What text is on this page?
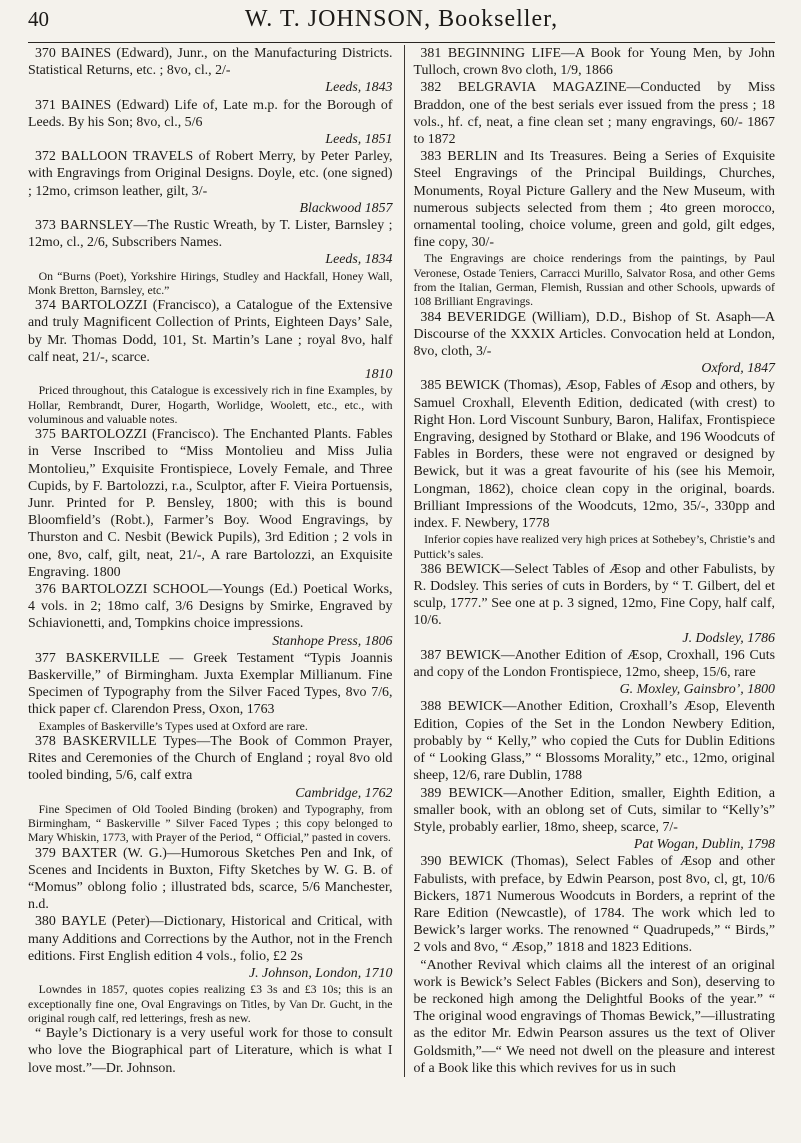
40	W. T. JOHNSON, Bookseller,

370 BAINES (Edward), Junr., on the Manufacturing Districts. Statistical Returns, etc. ; 8vo, cl., 2/-
Leeds, 1843

371 BAINES (Edward) Life of, Late m.p. for the Borough of Leeds. By his Son; 8vo, cl., 5/6
Leeds, 1851

372 BALLOON TRAVELS of Robert Merry, by Peter Parley, with Engravings from Original Designs. Doyle, etc. (one signed) ; 12mo, crimson leather, gilt, 3/-
Blackwood 1857

373 BARNSLEY—The Rustic Wreath, by T. Lister, Barnsley ; 12mo, cl., 2/6, Subscribers Names.
Leeds, 1834

On “Burns (Poet), Yorkshire Hirings, Studley and Hackfall, Honey Wall, Monk Bretton, Barnsley, etc.”

374 BARTOLOZZI (Francisco), a Catalogue of the Extensive and truly Magnificent Collection of Prints, Eighteen Days’ Sale, by Mr. Thomas Dodd, 101, St. Martin’s Lane ; royal 8vo, half calf neat, 21/-, scarce.
1810

Priced throughout, this Catalogue is excessively rich in fine Examples, by Hollar, Rembrandt, Durer, Hogarth, Worlidge, Woolett, etc., etc., with voluminous and valuable notes.

375 BARTOLOZZI (Francisco). The Enchanted Plants. Fables in Verse Inscribed to “Miss Montolieu and Miss Julia Montolieu,” Exquisite Frontispiece, Lovely Female, and Three Cupids, by F. Bartolozzi, r.a., Sculptor, after F. Vieira Portuensis, Junr. Printed for P. Bensley, 1800; with this is bound Bloomfield’s (Robt.), Farmer’s Boy. Wood Engravings, by Thurston and C. Nesbit (Bewick Pupils), 3rd Edition ; 2 vols in one, 8vo, calf, gilt, neat, 21/-, A rare Bartolozzi, an Exquisite Engraving. 1800

376 BARTOLOZZI SCHOOL—Youngs (Ed.) Poetical Works, 4 vols. in 2; 18mo calf, 3/6 Designs by Smirke, Engraved by Schiavionetti, and, Tompkins choice impressions.
Stanhope Press, 1806

377 BASKERVILLE — Greek Testament “Typis Joannis Baskerville,” of Birmingham. Juxta Exemplar Millianum. Fine Specimen of Typography from the Silver Faced Types, 8vo 7/6, thick paper cf. Clarendon Press, Oxon, 1763

Examples of Baskerville’s Types used at Oxford are rare.

378 BASKERVILLE Types—The Book of Common Prayer, Rites and Ceremonies of the Church of England ; royal 8vo old tooled binding, 5/6, calf extra
Cambridge, 1762

Fine Specimen of Old Tooled Binding (broken) and Typography, from Birmingham, “ Baskerville ” Silver Faced Types ; this copy belonged to Mary Whiskin, 1773, with Prayer of the Period, “ Official,” pasted in covers.

379 BAXTER (W. G.)—Humorous Sketches Pen and Ink, of Scenes and Incidents in Buxton, Fifty Sketches by W. G. B. of “Momus” oblong folio ; illustrated bds, scarce, 5/6 Manchester, n.d.

380 BAYLE (Peter)—Dictionary, Historical and Critical, with many Additions and Corrections by the Author, not in the French editions. First English edition 4 vols., folio, £2 2s
J. Johnson, London, 1710

Lowndes in 1857, quotes copies realizing £3 3s and £3 10s; this is an exceptionally fine one, Oval Engravings on Titles, by Van Dr. Gucht, in the original rough calf, red letterings, fresh as new.

“ Bayle’s Dictionary is a very useful work for those to consult who love the Biographical part of Literature, which is what I love most.”—Dr. Johnson.

381 BEGINNING LIFE—A Book for Young Men, by John Tulloch, crown 8vo cloth, 1/9, 1866

382 BELGRAVIA MAGAZINE—Conducted by Miss Braddon, one of the best serials ever issued from the press ; 18 vols., hf. cf, neat, a fine clean set ; many engravings, 60/- 1867 to 1872

383 BERLIN and Its Treasures. Being a Series of Exquisite Steel Engravings of the Principal Buildings, Churches, Monuments, Royal Picture Gallery and the New Museum, with numerous subjects selected from them ; 4to green morocco, ornamental tooling, choice volume, green and gold, gilt edges, fine copy, 30/-

The Engravings are choice renderings from the paintings, by Paul Veronese, Ostade Teniers, Carracci Murillo, Salvator Rosa, and other Gems from the Italian, German, Flemish, Russian and other Schools, upwards of 108 Brilliant Engravings.

384 BEVERIDGE (William), D.D., Bishop of St. Asaph—A Discourse of the XXXIX Articles. Convocation held at London, 8vo, cloth, 3/-
Oxford, 1847

385 BEWICK (Thomas), Æsop, Fables of Æsop and others, by Samuel Croxhall, Eleventh Edition, dedicated (with crest) to Right Hon. Lord Viscount Sunbury, Baron, Halifax, Frontispiece Engraving, designed by Stothard or Blake, and 196 Woodcuts of Fables in Borders, these were not engraved or designed by Bewick, but it was a great favourite of his (see his Memoir, Longman, 1862), choice clean copy in the original, boards. Brilliant Impressions of the Woodcuts, 12mo, 35/-, 330pp and index. F. Newbery, 1778

Inferior copies have realized very high prices at Sothebey’s, Christie’s and Puttick’s sales.

386 BEWICK—Select Tables of Æsop and other Fabulists, by R. Dodsley. This series of cuts in Borders, by “ T. Gilbert, del et sculp, 1777.” See one at p. 3 signed, 12mo, Fine Copy, half calf, 10/6.
J. Dodsley, 1786

387 BEWICK—Another Edition of Æsop, Croxhall, 196 Cuts and copy of the London Frontispiece, 12mo, sheep, 15/6, rare
G. Moxley, Gainsbro’, 1800

388 BEWICK—Another Edition, Croxhall’s Æsop, Eleventh Edition, Copies of the Set in the London Newbery Edition, probably by “ Kelly,” who copied the Cuts for Dublin Editions of “ Looking Glass,” “ Blossoms Morality,” etc., 12mo, original sheep, 12/6, rare Dublin, 1788

389 BEWICK—Another Edition, smaller, Eighth Edition, a smaller book, with an oblong set of Cuts, similar to “Kelly’s” Style, probably earlier, 18mo, sheep, scarce, 7/-
Pat Wogan, Dublin, 1798

390 BEWICK (Thomas), Select Fables of Æsop and other Fabulists, with preface, by Edwin Pearson, post 8vo, cl, gt, 10/6 Bickers, 1871 Numerous Woodcuts in Borders, a reprint of the Rare Edition (Newcastle), of 1784. The work which led to Bewick’s larger works. The renowned “ Quadrupeds,” “ Birds,” 2 vols and 8vo, “ Æsop,” 1818 and 1823 Editions.

“Another Revival which claims all the interest of an original work is Bewick’s Select Fables (Bickers and Son), deserving to be reckoned high among the Delightful Books of the year.” “ The original wood engravings of Thomas Bewick,”—illustrating as the editor Mr. Edwin Pearson assures us the text of Oliver Goldsmith,”—“ We need not dwell on the pleasure and interest of a Book like this which revives for us in such
